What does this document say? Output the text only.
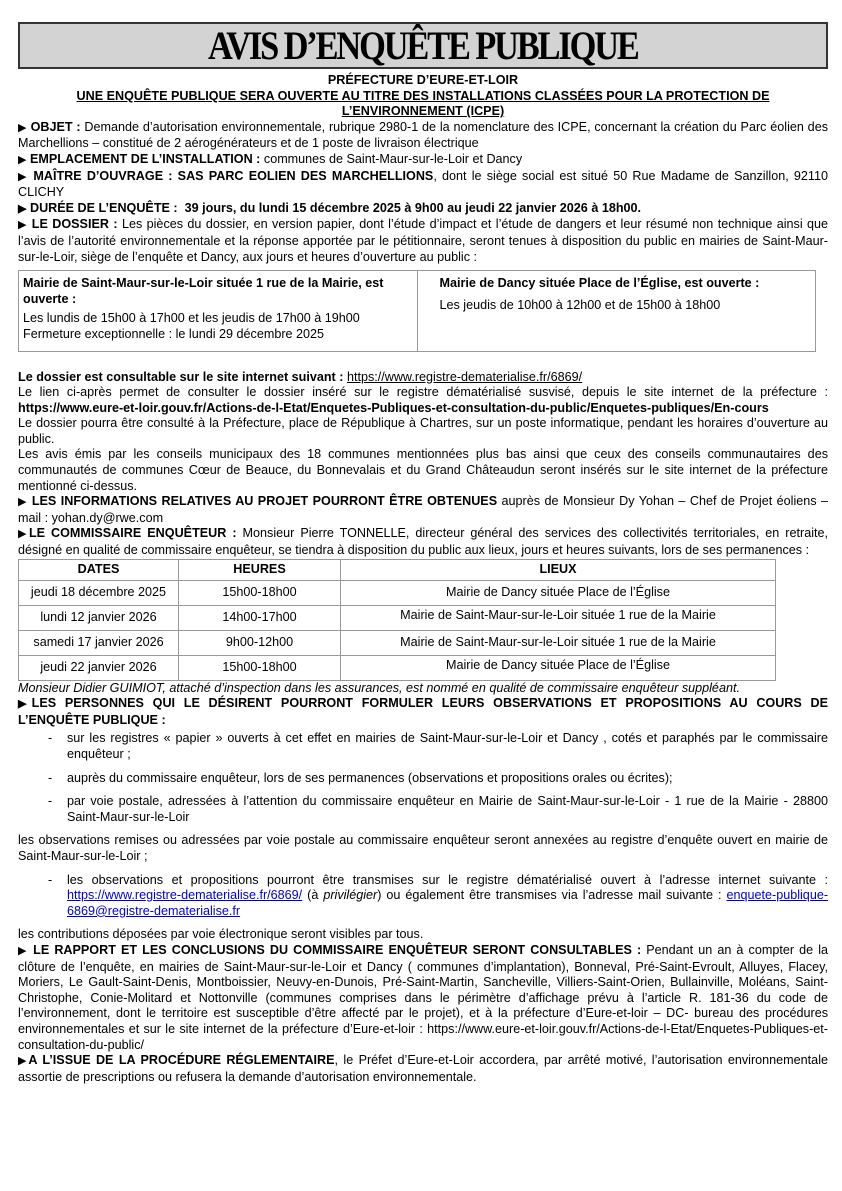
AVIS D’ENQUÊTE PUBLIQUE

PRÉFECTURE D’EURE-ET-LOIR

UNE ENQUÊTE PUBLIQUE SERA OUVERTE AU TITRE DES INSTALLATIONS CLASSÉES POUR LA PROTECTION DE L’ENVIRONNEMENT (ICPE)

▶ OBJET : Demande d’autorisation environnementale, rubrique 2980-1 de la nomenclature des ICPE, concernant la création du Parc éolien des Marchellions – constitué de 2 aérogénérateurs et de 1 poste de livraison électrique

▶ EMPLACEMENT DE L’INSTALLATION : communes de Saint-Maur-sur-le-Loir et Dancy

▶ MAÎTRE D’OUVRAGE : SAS PARC EOLIEN DES MARCHELLIONS, dont le siège social est situé 50 Rue Madame de Sanzillon, 92110 CLICHY

▶ DURÉE DE L’ENQUÊTE : 39 jours, du lundi 15 décembre 2025 à 9h00 au jeudi 22 janvier 2026 à 18h00.

▶ LE DOSSIER : Les pièces du dossier, en version papier, dont l’étude d’impact et l’étude de dangers et leur résumé non technique ainsi que l’avis de l’autorité environnementale et la réponse apportée par le pétitionnaire, seront tenues à disposition du public en mairies de Saint-Maur-sur-le-Loir, siège de l’enquête et Dancy, aux jours et heures d’ouverture au public :

Mairie de Saint-Maur-sur-le-Loir située 1 rue de la Mairie, est ouverte :
Les lundis de 15h00 à 17h00 et les jeudis de 17h00 à 19h00
Fermeture exceptionnelle : le lundi 29 décembre 2025

Mairie de Dancy située Place de l’Église, est ouverte :
Les jeudis de 10h00 à 12h00 et de 15h00 à 18h00

Le dossier est consultable sur le site internet suivant : https://www.registre-dematerialise.fr/6869/

Le lien ci-après permet de consulter le dossier inséré sur le registre dématérialisé susvisé, depuis le site internet de la préfecture : https://www.eure-et-loir.gouv.fr/Actions-de-l-Etat/Enquetes-Publiques-et-consultation-du-public/Enquetes-publiques/En-cours

Le dossier pourra être consulté à la Préfecture, place de République à Chartres, sur un poste informatique, pendant les horaires d’ouverture au public.

Les avis émis par les conseils municipaux des 18 communes mentionnées plus bas ainsi que ceux des conseils communautaires des communautés de communes Cœur de Beauce, du Bonnevalais et du Grand Châteaudun seront insérés sur le site internet de la préfecture mentionné ci-dessus.

▶ LES INFORMATIONS RELATIVES AU PROJET POURRONT ÊTRE OBTENUES auprès de Monsieur Dy Yohan – Chef de Projet éoliens – mail : yohan.dy@rwe.com

▶LE COMMISSAIRE ENQUÊTEUR : Monsieur Pierre TONNELLE, directeur général des services des collectivités territoriales, en retraite, désigné en qualité de commissaire enquêteur, se tiendra à disposition du public aux lieux, jours et heures suivants, lors de ses permanences :

DATES	HEURES	LIEUX
jeudi 18 décembre 2025	15h00-18h00	Mairie de Dancy située Place de l’Église
lundi 12 janvier 2026	14h00-17h00	Mairie de Saint-Maur-sur-le-Loir située 1 rue de la Mairie
samedi 17 janvier 2026	9h00-12h00	Mairie de Saint-Maur-sur-le-Loir située 1 rue de la Mairie
jeudi 22 janvier 2026	15h00-18h00	Mairie de Dancy située Place de l’Église

Monsieur Didier GUIMIOT, attaché d’inspection dans les assurances, est nommé en qualité de commissaire enquêteur suppléant.

▶LES PERSONNES QUI LE DÉSIRENT POURRONT FORMULER LEURS OBSERVATIONS ET PROPOSITIONS AU COURS DE L’ENQUÊTE PUBLIQUE :

- sur les registres « papier » ouverts à cet effet en mairies de Saint-Maur-sur-le-Loir et Dancy , cotés et paraphés par le commissaire enquêteur ;
- auprès du commissaire enquêteur, lors de ses permanences (observations et propositions orales ou écrites);
- par voie postale, adressées à l’attention du commissaire enquêteur en Mairie de Saint-Maur-sur-le-Loir - 1 rue de la Mairie - 28800 Saint-Maur-sur-le-Loir

les observations remises ou adressées par voie postale au commissaire enquêteur seront annexées au registre d’enquête ouvert en mairie de Saint-Maur-sur-le-Loir ;

- les observations et propositions pourront être transmises sur le registre dématérialisé ouvert à l’adresse internet suivante : https://www.registre-dematerialise.fr/6869/ (à privilégier) ou également être transmises via l’adresse mail suivante : enquete-publique-6869@registre-dematerialise.fr

les contributions déposées par voie électronique seront visibles par tous.

▶ LE RAPPORT ET LES CONCLUSIONS DU COMMISSAIRE ENQUÊTEUR SERONT CONSULTABLES : Pendant un an à compter de la clôture de l’enquête, en mairies de Saint-Maur-sur-le-Loir et Dancy ( communes d’implantation), Bonneval, Pré-Saint-Evroult, Alluyes, Flacey, Moriers, Le Gault-Saint-Denis, Montboissier, Neuvy-en-Dunois, Pré-Saint-Martin, Sancheville, Villiers-Saint-Orien, Bullainville, Moléans, Saint-Christophe, Conie-Molitard et Nottonville (communes comprises dans le périmètre d’affichage prévu à l’article R. 181-36 du code de l’environnement, dont le territoire est susceptible d’être affecté par le projet), et à la préfecture d’Eure-et-loir – DC- bureau des procédures environnementales et sur le site internet de la préfecture d’Eure-et-loir : https://www.eure-et-loir.gouv.fr/Actions-de-l-Etat/Enquetes-Publiques-et-consultation-du-public/

▶A L’ISSUE DE LA PROCÉDURE RÉGLEMENTAIRE, le Préfet d’Eure-et-Loir accordera, par arrêté motivé, l’autorisation environnementale assortie de prescriptions ou refusera la demande d’autorisation environnementale.
